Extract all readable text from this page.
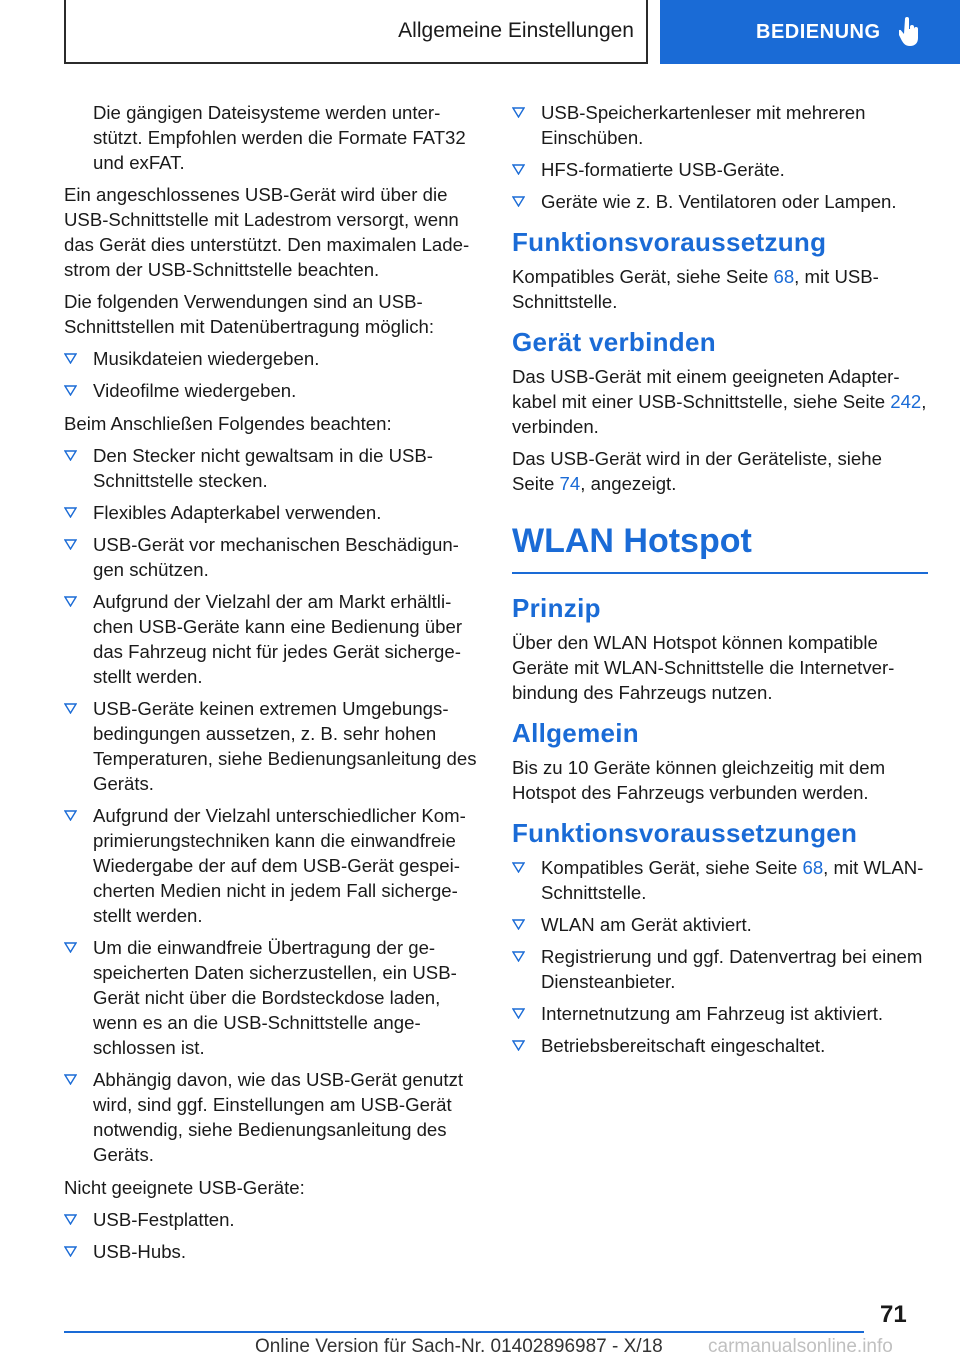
Allgemeine Einstellungen	BEDIENUNG

Die gängigen Dateisysteme werden unterstützt. Empfohlen werden die Formate FAT32 und exFAT.

Ein angeschlossenes USB-Gerät wird über die USB-Schnittstelle mit Ladestrom versorgt, wenn das Gerät dies unterstützt. Den maximalen Ladestrom der USB-Schnittstelle beachten.

Die folgenden Verwendungen sind an USB-Schnittstellen mit Datenübertragung möglich:

Musikdateien wiedergeben.
Videofilme wiedergeben.

Beim Anschließen Folgendes beachten:

Den Stecker nicht gewaltsam in die USB-Schnittstelle stecken.
Flexibles Adapterkabel verwenden.
USB-Gerät vor mechanischen Beschädigungen schützen.
Aufgrund der Vielzahl der am Markt erhältlichen USB-Geräte kann eine Bedienung über das Fahrzeug nicht für jedes Gerät sichergestellt werden.
USB-Geräte keinen extremen Umgebungsbedingungen aussetzen, z. B. sehr hohen Temperaturen, siehe Bedienungsanleitung des Geräts.
Aufgrund der Vielzahl unterschiedlicher Komprimierungstechniken kann die einwandfreie Wiedergabe der auf dem USB-Gerät gespeicherten Medien nicht in jedem Fall sichergestellt werden.
Um die einwandfreie Übertragung der gespeicherten Daten sicherzustellen, ein USB-Gerät nicht über die Bordsteckdose laden, wenn es an die USB-Schnittstelle angeschlossen ist.
Abhängig davon, wie das USB-Gerät genutzt wird, sind ggf. Einstellungen am USB-Gerät notwendig, siehe Bedienungsanleitung des Geräts.

Nicht geeignete USB-Geräte:

USB-Festplatten.
USB-Hubs.
USB-Speicherkartenleser mit mehreren Einschüben.
HFS-formatierte USB-Geräte.
Geräte wie z. B. Ventilatoren oder Lampen.
Funktionsvoraussetzung

Kompatibles Gerät, siehe Seite 68, mit USB-Schnittstelle.

Gerät verbinden

Das USB-Gerät mit einem geeigneten Adapterkabel mit einer USB-Schnittstelle, siehe Seite 242, verbinden.

Das USB-Gerät wird in der Geräteliste, siehe Seite 74, angezeigt.

WLAN Hotspot
Prinzip

Über den WLAN Hotspot können kompatible Geräte mit WLAN-Schnittstelle die Internetverbindung des Fahrzeugs nutzen.

Allgemein

Bis zu 10 Geräte können gleichzeitig mit dem Hotspot des Fahrzeugs verbunden werden.

Funktionsvoraussetzungen
Kompatibles Gerät, siehe Seite 68, mit WLAN-Schnittstelle.
WLAN am Gerät aktiviert.
Registrierung und ggf. Datenvertrag bei einem Diensteanbieter.
Internetnutzung am Fahrzeug ist aktiviert.
Betriebsbereitschaft eingeschaltet.
71
Online Version für Sach-Nr. 01402896987 - X/18 carmanualsonline.info
